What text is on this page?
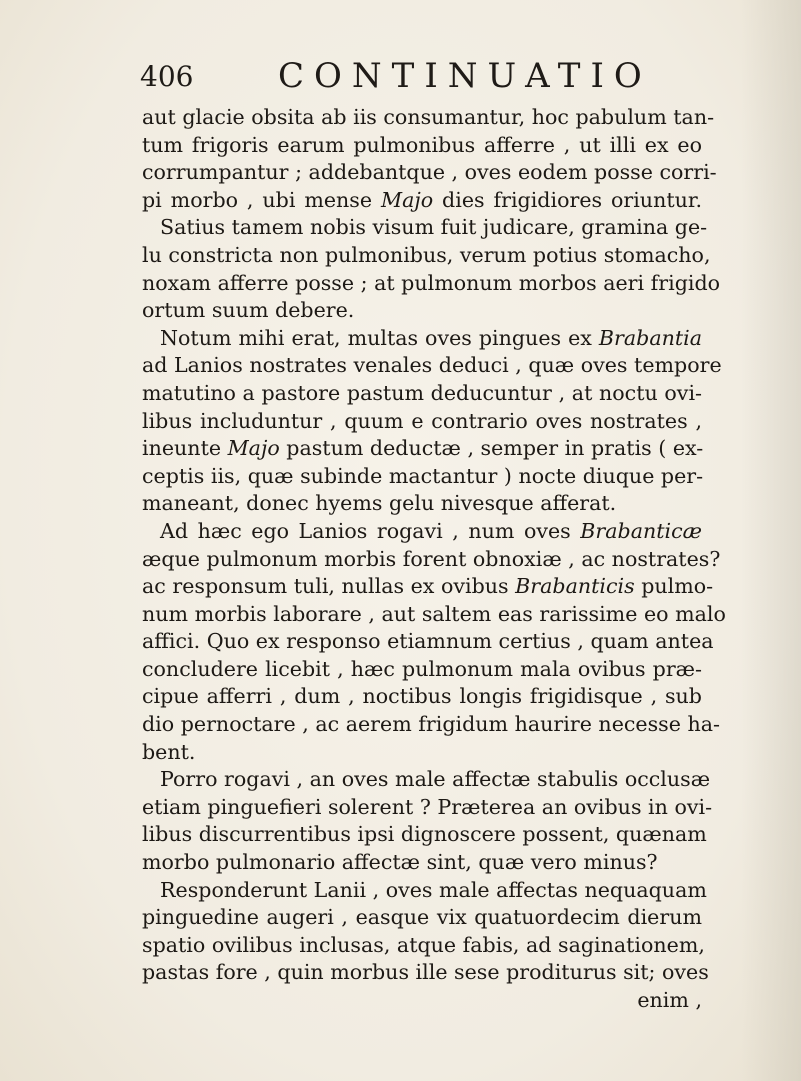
406 CONTINUATIO
aut glacie obsita ab iis consumantur, hoc pabulum tan-
tum frigoris earum pulmonibus afferre , ut illi ex eo
corrumpantur ; addebantque , oves eodem posse corri-
pi morbo , ubi mense Majo dies frigidiores oriuntur.
Satius tamem nobis visum fuit judicare, gramina ge-
lu constricta non pulmonibus, verum potius stomacho,
noxam afferre posse ; at pulmonum morbos aeri frigido
ortum suum debere.
Notum mihi erat, multas oves pingues ex Brabantia
ad Lanios nostrates venales deduci , quæ oves tempore
matutino a pastore pastum deducuntur , at noctu ovi-
libus includuntur , quum e contrario oves nostrates ,
ineunte Majo pastum deductæ , semper in pratis ( ex-
ceptis iis, quæ subinde mactantur ) nocte diuque per-
maneant, donec hyems gelu nivesque afferat.
Ad hæc ego Lanios rogavi , num oves Brabanticæ
æque pulmonum morbis forent obnoxiæ , ac nostrates?
ac responsum tuli, nullas ex ovibus Brabanticis pulmo-
num morbis laborare , aut saltem eas rarissime eo malo
affici. Quo ex responso etiamnum certius , quam antea
concludere licebit , hæc pulmonum mala ovibus præ-
cipue afferri , dum , noctibus longis frigidisque , sub
dio pernoctare , ac aerem frigidum haurire necesse ha-
bent.
Porro rogavi , an oves male affectæ stabulis occlusæ
etiam pinguefieri solerent ? Præterea an ovibus in ovi-
libus discurrentibus ipsi dignoscere possent, quænam
morbo pulmonario affectæ sint, quæ vero minus?
Responderunt Lanii , oves male affectas nequaquam
pinguedine augeri , easque vix quatuordecim dierum
spatio ovilibus inclusas, atque fabis, ad saginationem,
pastas fore , quin morbus ille sese proditurus sit; oves
enim ,
